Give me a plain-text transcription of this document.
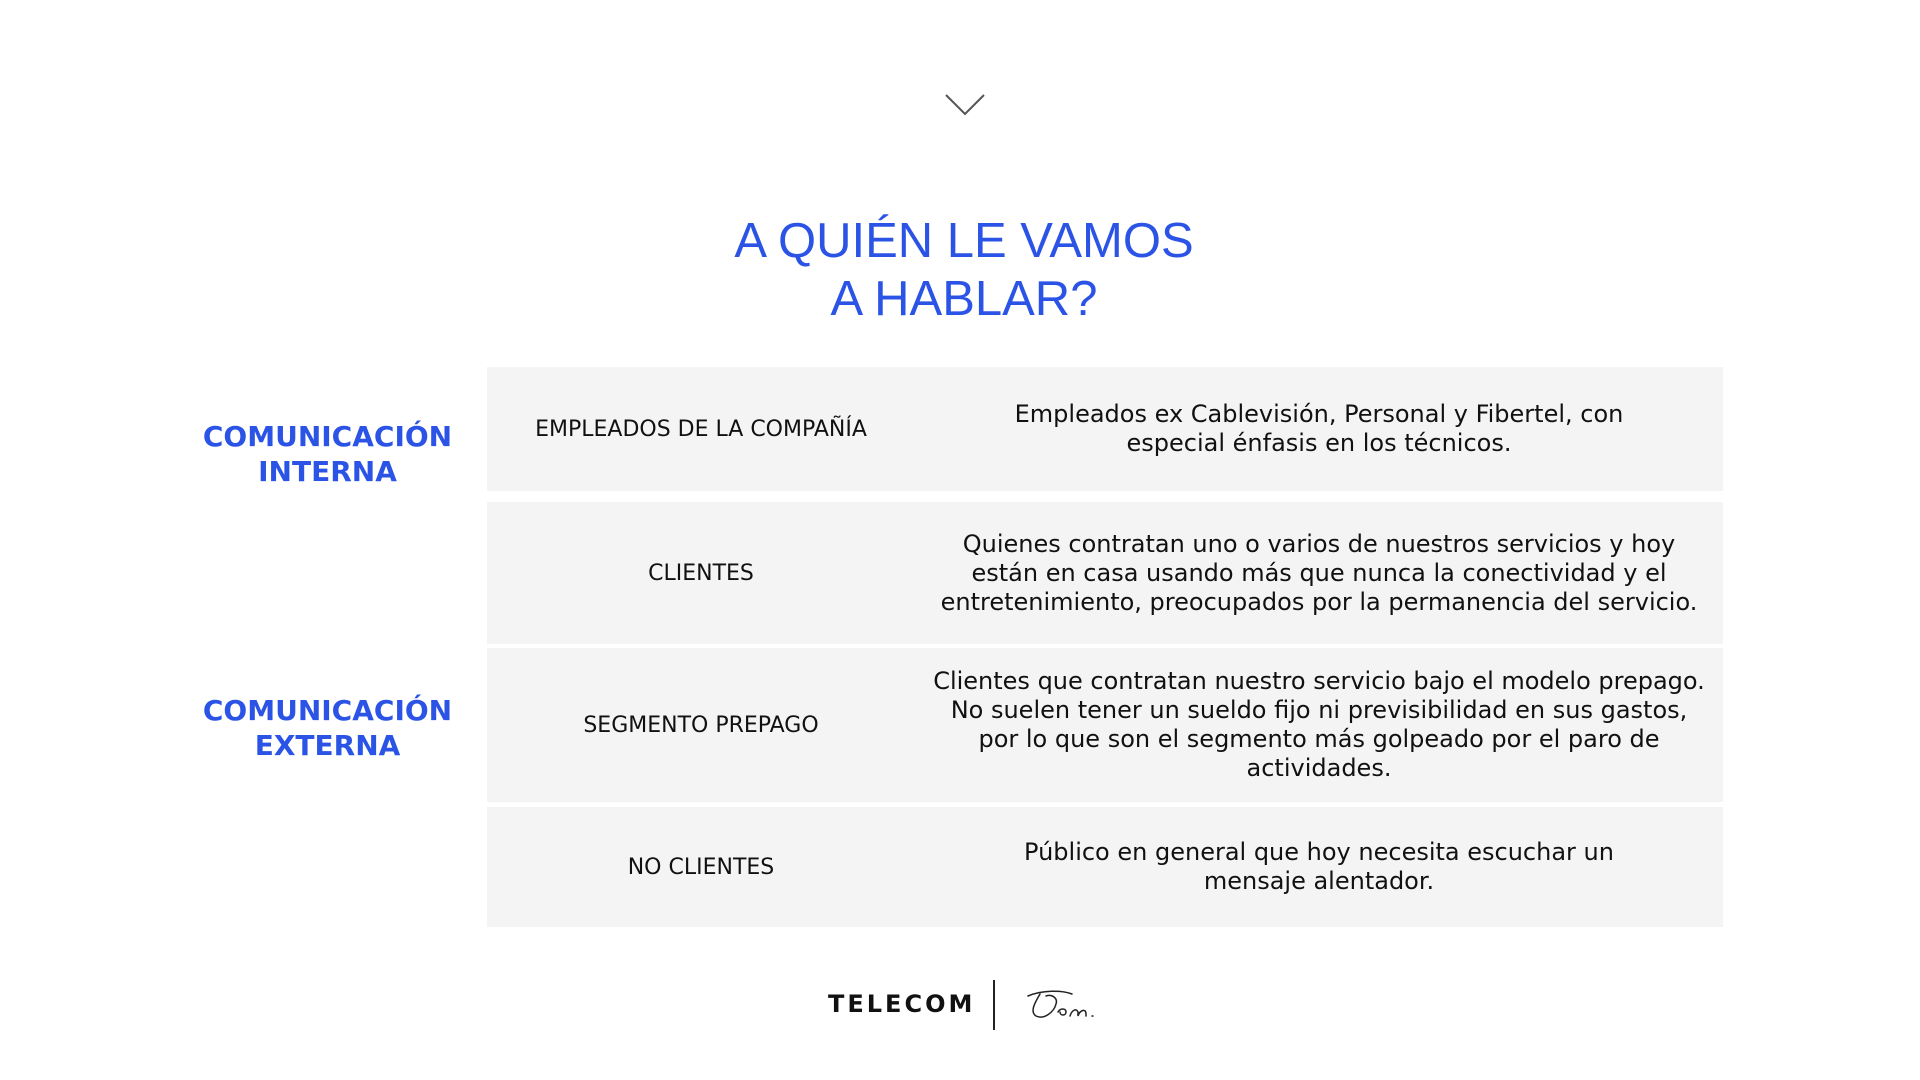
A QUIÉN LE VAMOS
A HABLAR?
COMUNICACIÓN
INTERNA
COMUNICACIÓN
EXTERNA
EMPLEADOS DE LA COMPAÑÍA
Empleados ex Cablevisión, Personal y Fibertel, con especial énfasis en los técnicos.
CLIENTES
Quienes contratan uno o varios de nuestros servicios y hoy están en casa usando más que nunca la conectividad y el entretenimiento, preocupados por la permanencia del servicio.
SEGMENTO PREPAGO
Clientes que contratan nuestro servicio bajo el modelo prepago. No suelen tener un sueldo fijo ni previsibilidad en sus gastos, por lo que son el segmento más golpeado por el paro de actividades.
NO CLIENTES
Público en general que hoy necesita escuchar un mensaje alentador.
TELECOM
